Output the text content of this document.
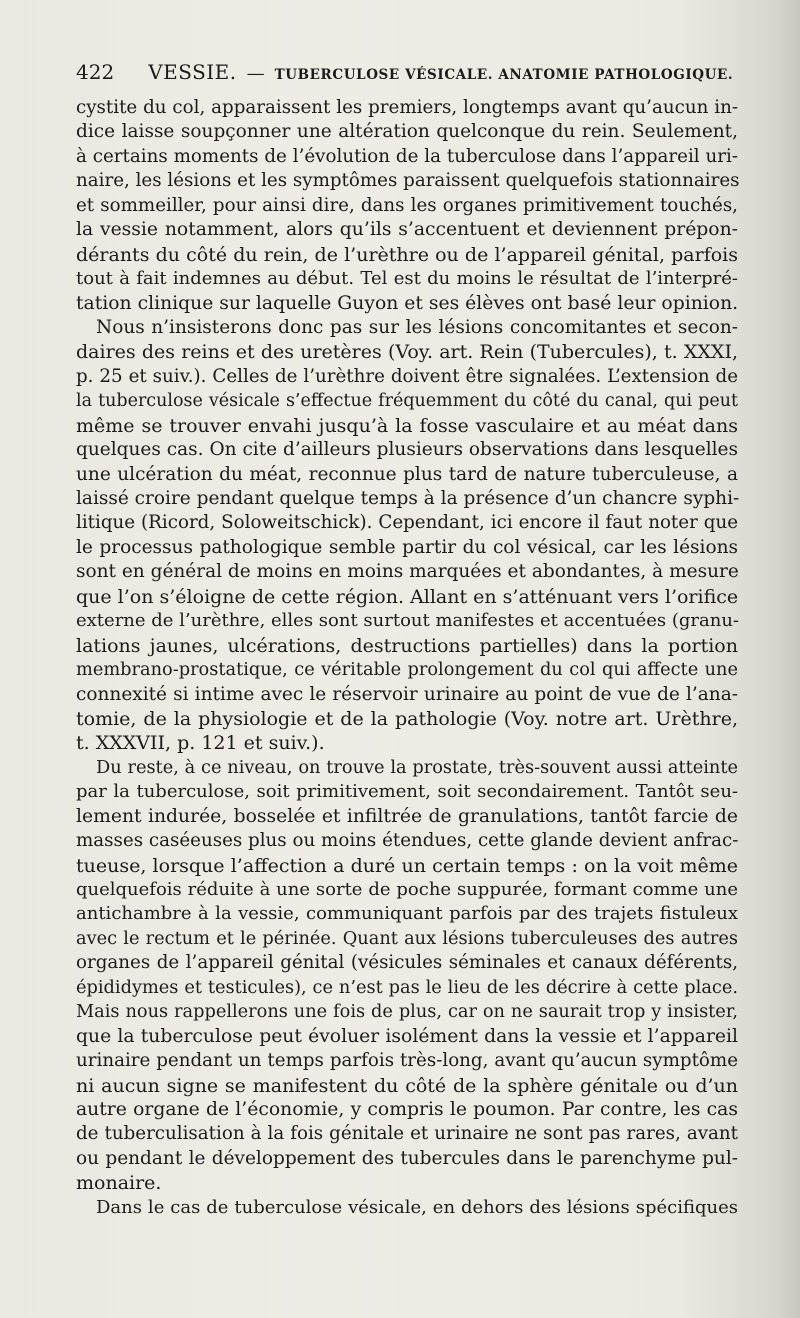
422 VESSIE. — TUBERCULOSE VÉSICALE. ANATOMIE PATHOLOGIQUE.
cystite du col, apparaissent les premiers, longtemps avant qu’aucun in-
dice laisse soupçonner une altération quelconque du rein. Seulement,
à certains moments de l’évolution de la tuberculose dans l’appareil uri-
naire, les lésions et les symptômes paraissent quelquefois stationnaires
et sommeiller, pour ainsi dire, dans les organes primitivement touchés,
la vessie notamment, alors qu’ils s’accentuent et deviennent prépon-
dérants du côté du rein, de l’urèthre ou de l’appareil génital, parfois
tout à fait indemnes au début. Tel est du moins le résultat de l’interpré-
tation clinique sur laquelle Guyon et ses élèves ont basé leur opinion.
Nous n’insisterons donc pas sur les lésions concomitantes et secon-
daires des reins et des uretères (Voy. art. Rein (Tubercules), t. XXXI,
p. 25 et suiv.). Celles de l’urèthre doivent être signalées. L’extension de
la tuberculose vésicale s’effectue fréquemment du côté du canal, qui peut
même se trouver envahi jusqu’à la fosse vasculaire et au méat dans
quelques cas. On cite d’ailleurs plusieurs observations dans lesquelles
une ulcération du méat, reconnue plus tard de nature tuberculeuse, a
laissé croire pendant quelque temps à la présence d’un chancre syphi-
litique (Ricord, Soloweitschick). Cependant, ici encore il faut noter que
le processus pathologique semble partir du col vésical, car les lésions
sont en général de moins en moins marquées et abondantes, à mesure
que l’on s’éloigne de cette région. Allant en s’atténuant vers l’orifice
externe de l’urèthre, elles sont surtout manifestes et accentuées (granu-
lations jaunes, ulcérations, destructions partielles) dans la portion
membrano-prostatique, ce véritable prolongement du col qui affecte une
connexité si intime avec le réservoir urinaire au point de vue de l’ana-
tomie, de la physiologie et de la pathologie (Voy. notre art. Urèthre,
t. XXXVII, p. 121 et suiv.).
Du reste, à ce niveau, on trouve la prostate, très-souvent aussi atteinte
par la tuberculose, soit primitivement, soit secondairement. Tantôt seu-
lement indurée, bosselée et infiltrée de granulations, tantôt farcie de
masses caséeuses plus ou moins étendues, cette glande devient anfrac-
tueuse, lorsque l’affection a duré un certain temps : on la voit même
quelquefois réduite à une sorte de poche suppurée, formant comme une
antichambre à la vessie, communiquant parfois par des trajets fistuleux
avec le rectum et le périnée. Quant aux lésions tuberculeuses des autres
organes de l’appareil génital (vésicules séminales et canaux déférents,
épididymes et testicules), ce n’est pas le lieu de les décrire à cette place.
Mais nous rappellerons une fois de plus, car on ne saurait trop y insister,
que la tuberculose peut évoluer isolément dans la vessie et l’appareil
urinaire pendant un temps parfois très-long, avant qu’aucun symptôme
ni aucun signe se manifestent du côté de la sphère génitale ou d’un
autre organe de l’économie, y compris le poumon. Par contre, les cas
de tuberculisation à la fois génitale et urinaire ne sont pas rares, avant
ou pendant le développement des tubercules dans le parenchyme pul-
monaire.
Dans le cas de tuberculose vésicale, en dehors des lésions spécifiques
